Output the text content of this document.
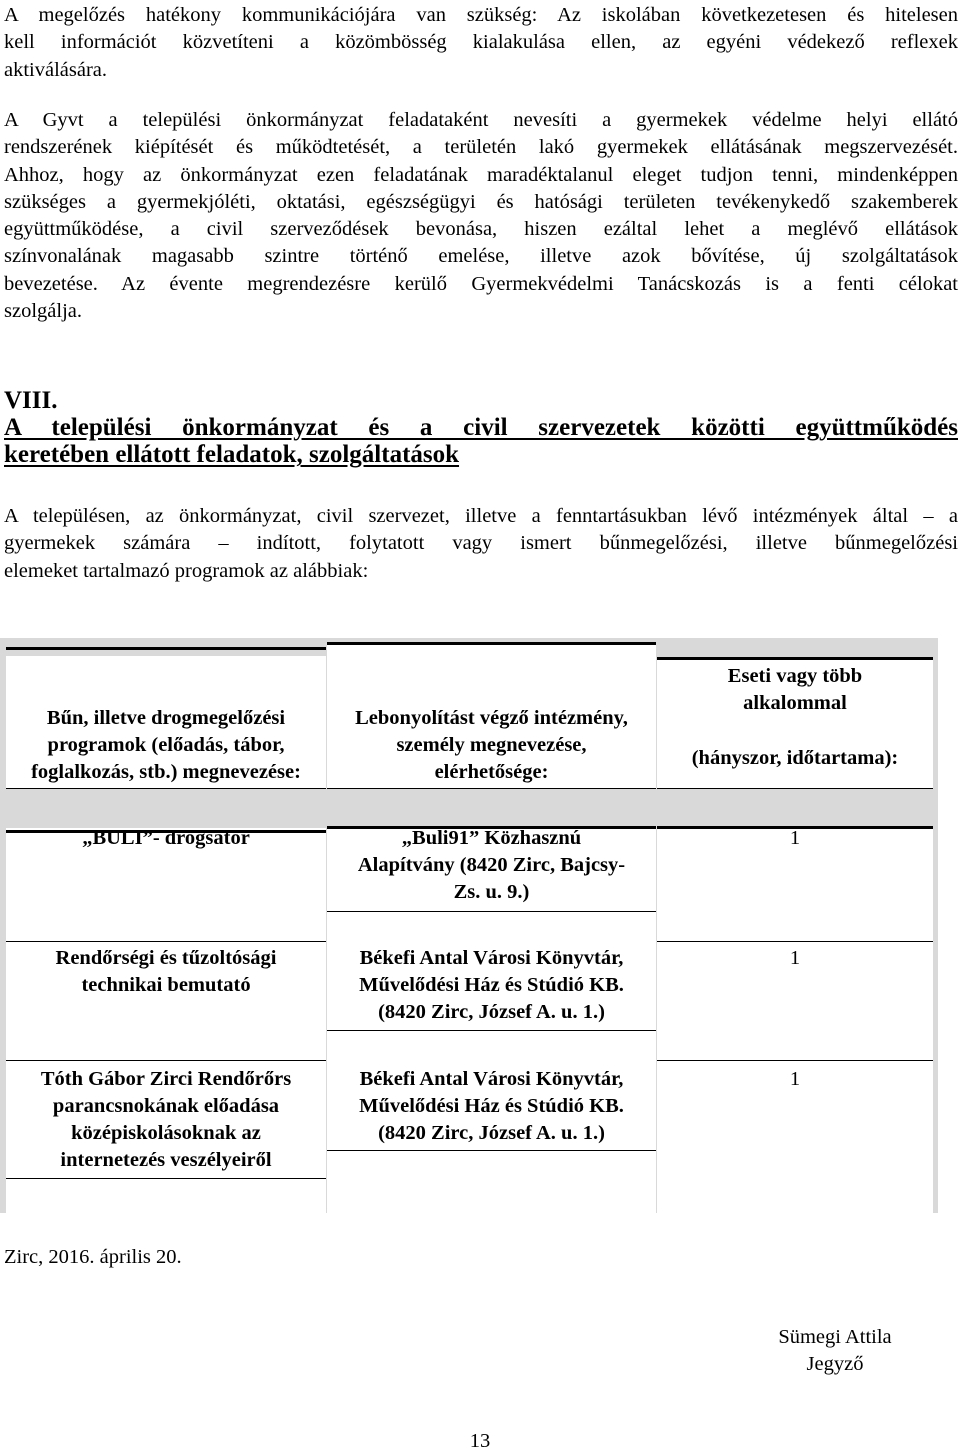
A megelőzés hatékony kommunikációjára van szükség: Az iskolában következetesen és hitelesen
kell információt közvetíteni a közömbösség kialakulása ellen, az egyéni védekező reflexek
aktiválására.
A Gyvt a települési önkormányzat feladataként nevesíti a gyermekek védelme helyi ellátó
rendszerének kiépítését és működtetését, a területén lakó gyermekek ellátásának megszervezését.
Ahhoz, hogy az önkormányzat ezen feladatának maradéktalanul eleget tudjon tenni, mindenképpen
szükséges a gyermekjóléti, oktatási, egészségügyi és hatósági területen tevékenykedő szakemberek
együttműködése, a civil szerveződések bevonása, hiszen ezáltal lehet a meglévő ellátások
színvonalának magasabb szintre történő emelése, illetve azok bővítése, új szolgáltatások
bevezetése. Az évente megrendezésre kerülő Gyermekvédelmi Tanácskozás is a fenti célokat
szolgálja.
VIII.
A települési önkormányzat és a civil szervezetek közötti együttműködés
keretében ellátott feladatok, szolgáltatások
A településen, az önkormányzat, civil szervezet, illetve a fenntartásukban lévő intézmények által – a
gyermekek számára – indított, folytatott vagy ismert bűnmegelőzési, illetve bűnmegelőzési
elemeket tartalmazó programok az alábbiak:
Bűn, illetve drogmegelőzési
programok (előadás, tábor,
foglalkozás, stb.) megnevezése:
Lebonyolítást végző intézmény,
személy megnevezése,
elérhetősége:
Eseti vagy több
alkalommal
(hányszor, időtartama):
„BULI”- drogsátor	„Buli91” Közhasznú
Alapítvány (8420 Zirc, Bajcsy-
Zs. u. 9.)
1
Rendőrségi és tűzoltósági
technikai bemutató
Békefi Antal Városi Könyvtár,
Művelődési Ház és Stúdió KB.
(8420 Zirc, József A. u. 1.)
1
Tóth Gábor Zirci Rendőrőrs
parancsnokának előadása
középiskolásoknak az
internetezés veszélyeiről
Békefi Antal Városi Könyvtár,
Művelődési Ház és Stúdió KB.
(8420 Zirc, József A. u. 1.)
1
Zirc, 2016. április 20.
Sümegi Attila
Jegyző
13
